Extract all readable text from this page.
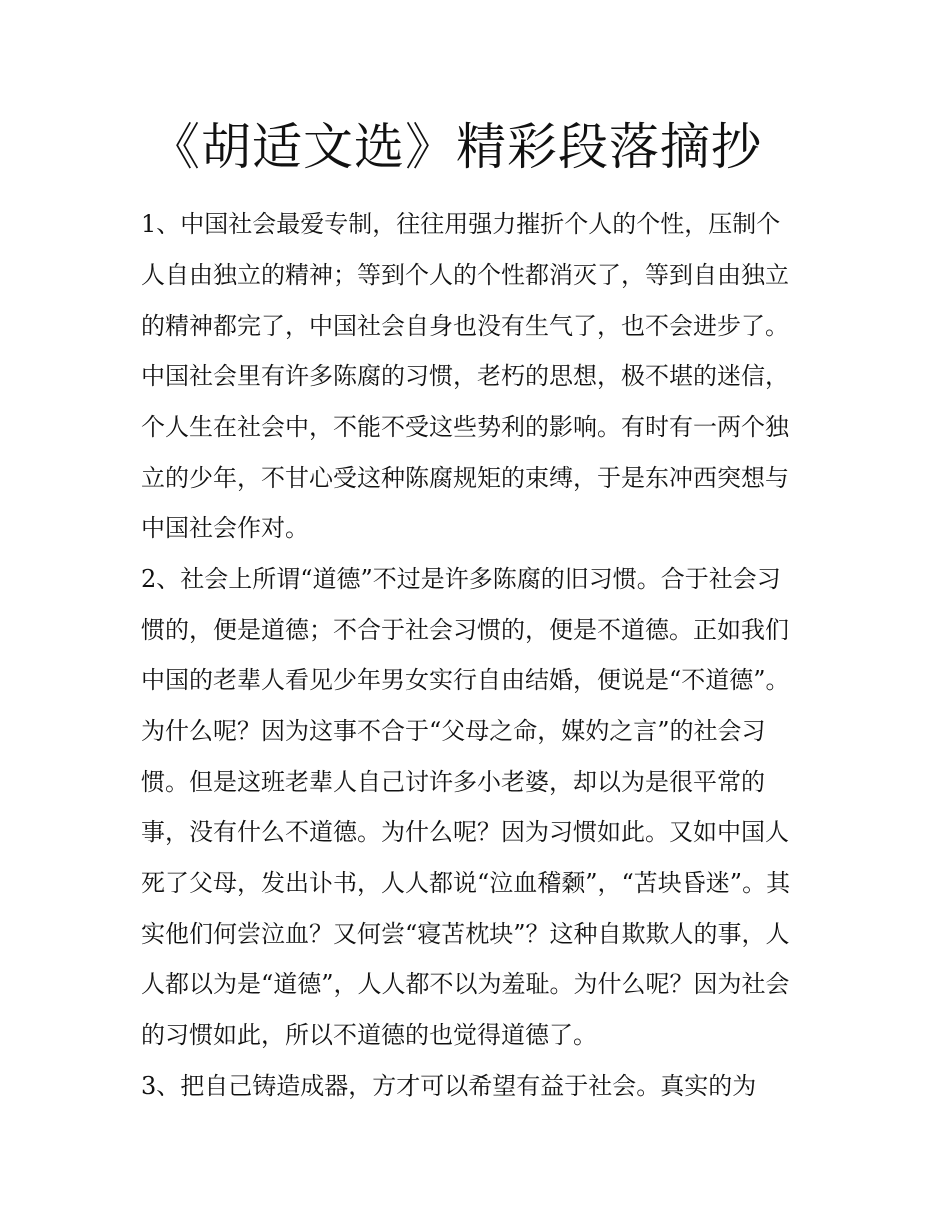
《胡适文选》精彩段落摘抄
1、中国社会最爱专制，往往用强力摧折个人的个性，压制个
人自由独立的精神；等到个人的个性都消灭了，等到自由独立
的精神都完了，中国社会自身也没有生气了，也不会进步了。
中国社会里有许多陈腐的习惯，老朽的思想，极不堪的迷信，
个人生在社会中，不能不受这些势利的影响。有时有一两个独
立的少年，不甘心受这种陈腐规矩的束缚，于是东冲西突想与
中国社会作对。
2、社会上所谓“道德”不过是许多陈腐的旧习惯。合于社会习
惯的，便是道德；不合于社会习惯的，便是不道德。正如我们
中国的老辈人看见少年男女实行自由结婚，便说是“不道德”。
为什么呢？因为这事不合于“父母之命，媒妁之言”的社会习
惯。但是这班老辈人自己讨许多小老婆，却以为是很平常的
事，没有什么不道德。为什么呢？因为习惯如此。又如中国人
死了父母，发出讣书，人人都说“泣血稽颡”，“苫块昏迷”。其
实他们何尝泣血？又何尝“寝苫枕块”？这种自欺欺人的事，人
人都以为是“道德”，人人都不以为羞耻。为什么呢？因为社会
的习惯如此，所以不道德的也觉得道德了。
3、把自己铸造成器，方才可以希望有益于社会。真实的为
